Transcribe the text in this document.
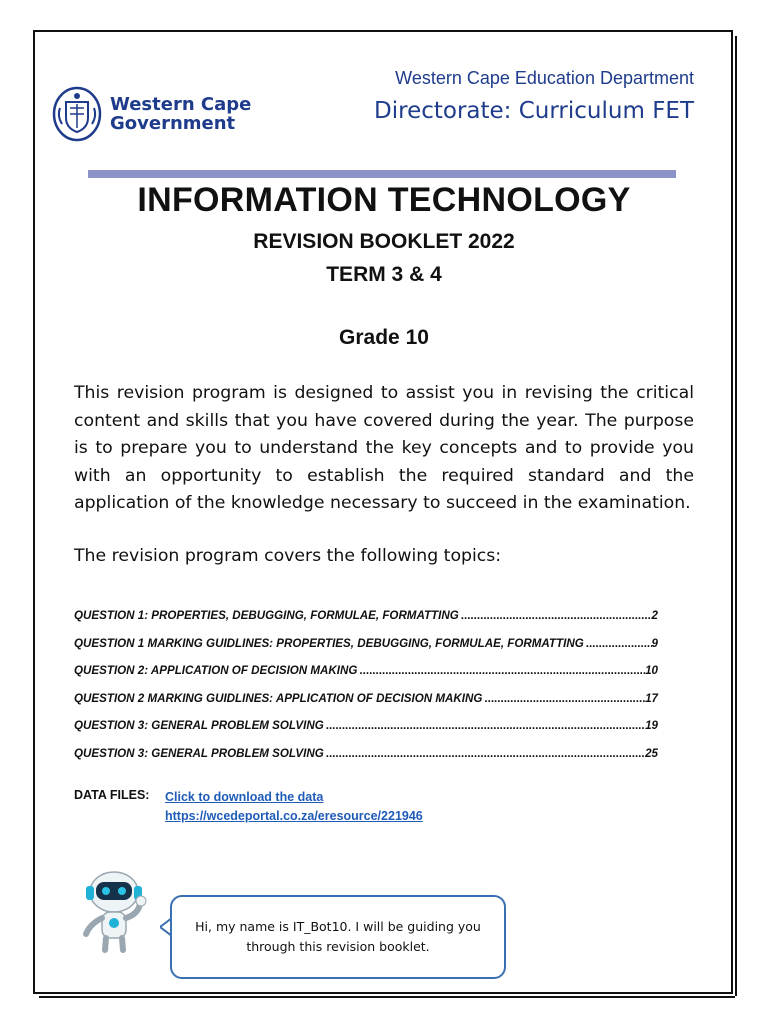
Western Cape
Government
Western Cape Education Department
Directorate: Curriculum FET
INFORMATION TECHNOLOGY
REVISION BOOKLET 2022
TERM 3 & 4
Grade 10
This revision program is designed to assist you in revising the critical content and skills that you have covered during the year. The purpose is to prepare you to understand the key concepts and to provide you with an opportunity to establish the required standard and the application of the knowledge necessary to succeed in the examination.
The revision program covers the following topics:
QUESTION 1: PROPERTIES, DEBUGGING, FORMULAE, FORMATTING .....	2
QUESTION 1 MARKING GUIDLINES: PROPERTIES, DEBUGGING, FORMULAE, FORMATTING .....	9
QUESTION 2: APPLICATION OF DECISION MAKING .....	10
QUESTION 2 MARKING GUIDLINES: APPLICATION OF DECISION MAKING .....	17
QUESTION 3: GENERAL PROBLEM SOLVING .....	19
QUESTION 3: GENERAL PROBLEM SOLVING .....	25
DATA FILES: Click to download the data
https://wcedeportal.co.za/eresource/221946
Hi, my name is IT_Bot10. I will be guiding you through this revision booklet.
